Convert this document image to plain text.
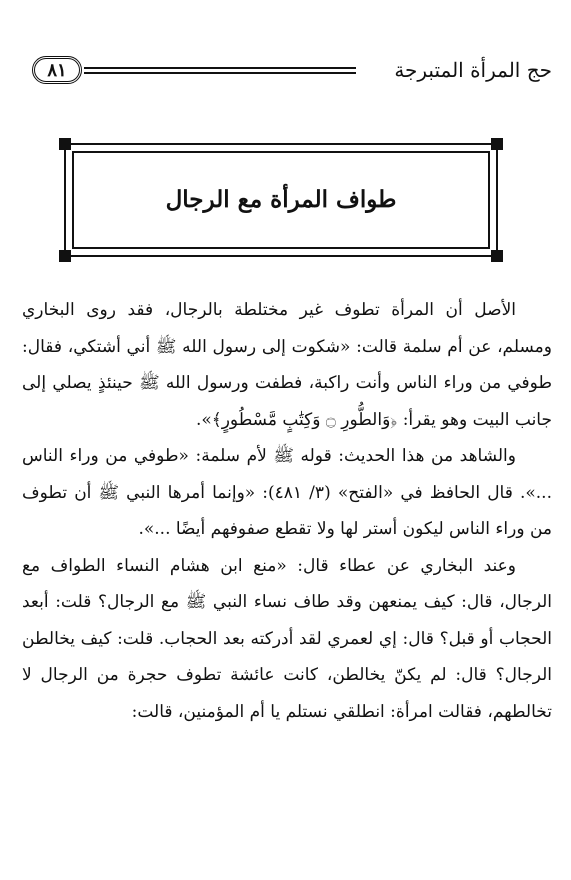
٨١	حج المرأة المتبرجة
طواف المرأة مع الرجال

الأصل أن المرأة تطوف غير مختلطة بالرجال، فقد روى البخاري ومسلم، عن أم سلمة قالت: «شكوت إلى رسول الله ﷺ أني أشتكي، فقال: طوفي من وراء الناس وأنت راكبة، فطفت ورسول الله ﷺ حينئذٍ يصلي إلى جانب البيت وهو يقرأ: ﴿وَالطُّورِ ۝ وَكِتَٰبٍ مَّسْطُورٍ﴾».

والشاهد من هذا الحديث: قوله ﷺ لأم سلمة: «طوفي من وراء الناس ...». قال الحافظ في «الفتح» (٣/ ٤٨١): «وإنما أمرها النبي ﷺ أن تطوف من وراء الناس ليكون أستر لها ولا تقطع صفوفهم أيضًا ...».

وعند البخاري عن عطاء قال: «منع ابن هشام النساء الطواف مع الرجال، قال: كيف يمنعهن وقد طاف نساء النبي ﷺ مع الرجال؟ قلت: أبعد الحجاب أو قبل؟ قال: إي لعمري لقد أدركته بعد الحجاب. قلت: كيف يخالطن الرجال؟ قال: لم يكنّ يخالطن، كانت عائشة تطوف حجرة من الرجال لا تخالطهم، فقالت امرأة: انطلقي نستلم يا أم المؤمنين، قالت:
